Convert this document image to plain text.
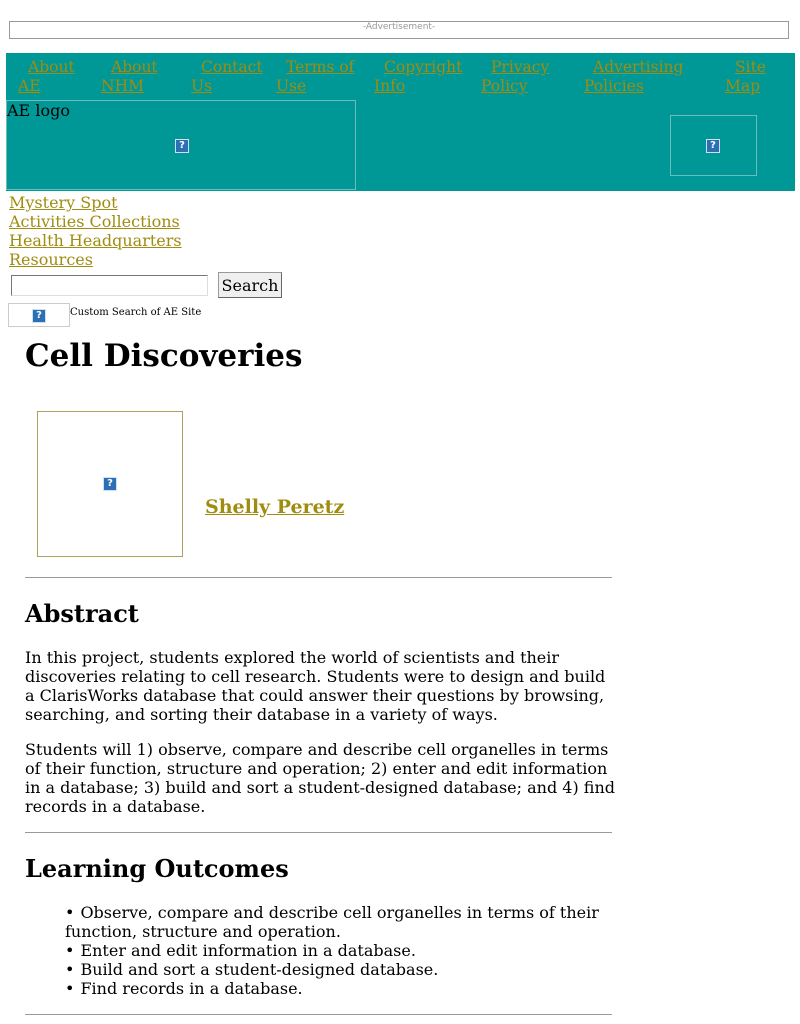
-Advertisement-
About
AE
About
NHM
Contact
Us
Terms of
Use
Copyright
Info
Privacy
Policy
Advertising
Policies
Site
Map
AE logo
?	?
Mystery Spot
Activities Collections
Health Headquarters
Resources
Search
?	Custom Search of AE Site
Cell Discoveries
?
Shelly Peretz
Abstract

In this project, students explored the world of scientists and their discoveries relating to cell research. Students were to design and build a ClarisWorks database that could answer their questions by browsing, searching, and sorting their database in a variety of ways.

Students will 1) observe, compare and describe cell organelles in terms of their function, structure and operation; 2) enter and edit information in a database; 3) build and sort a student-designed database; and 4) find records in a database.

Learning Outcomes
• Observe, compare and describe cell organelles in terms of their function, structure and operation.
• Enter and edit information in a database.
• Build and sort a student-designed database.
• Find records in a database.
